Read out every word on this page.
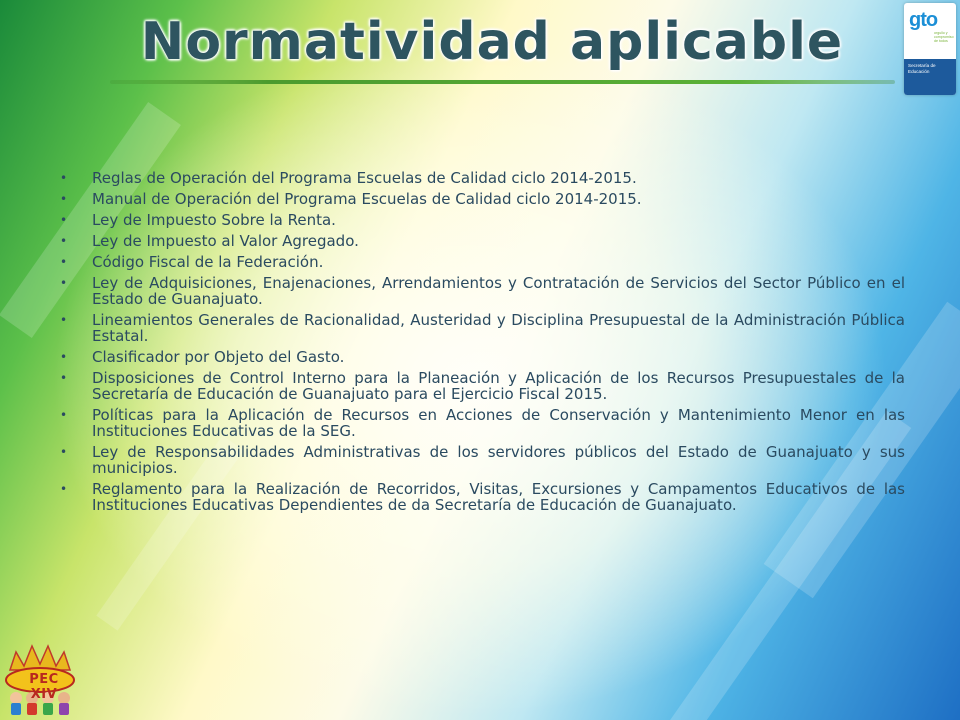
Normatividad aplicable	gto
orgullo y compromiso de todos
Secretaría de Educación
• Reglas de Operación del Programa Escuelas de Calidad ciclo 2014-2015.
• Manual de Operación del Programa Escuelas de Calidad ciclo 2014-2015.
• Ley de Impuesto Sobre la Renta.
• Ley de Impuesto al Valor Agregado.
• Código Fiscal de la Federación.
• Ley de Adquisiciones, Enajenaciones, Arrendamientos y Contratación de Servicios del Sector Público en el Estado de Guanajuato.
• Lineamientos Generales de Racionalidad, Austeridad y Disciplina Presupuestal de la Administración Pública Estatal.
• Clasificador por Objeto del Gasto.
• Disposiciones de Control Interno para la Planeación y Aplicación de los Recursos Presupuestales de la Secretaría de Educación de Guanajuato para el Ejercicio Fiscal 2015.
• Políticas para la Aplicación de Recursos en Acciones de Conservación y Mantenimiento Menor en las Instituciones Educativas de la SEG.
• Ley de Responsabilidades Administrativas de los servidores públicos del Estado de Guanajuato y sus municipios.
• Reglamento para la Realización de Recorridos, Visitas, Excursiones y Campamentos Educativos de las Instituciones Educativas Dependientes de da Secretaría de Educación de Guanajuato.
PEC XIV
